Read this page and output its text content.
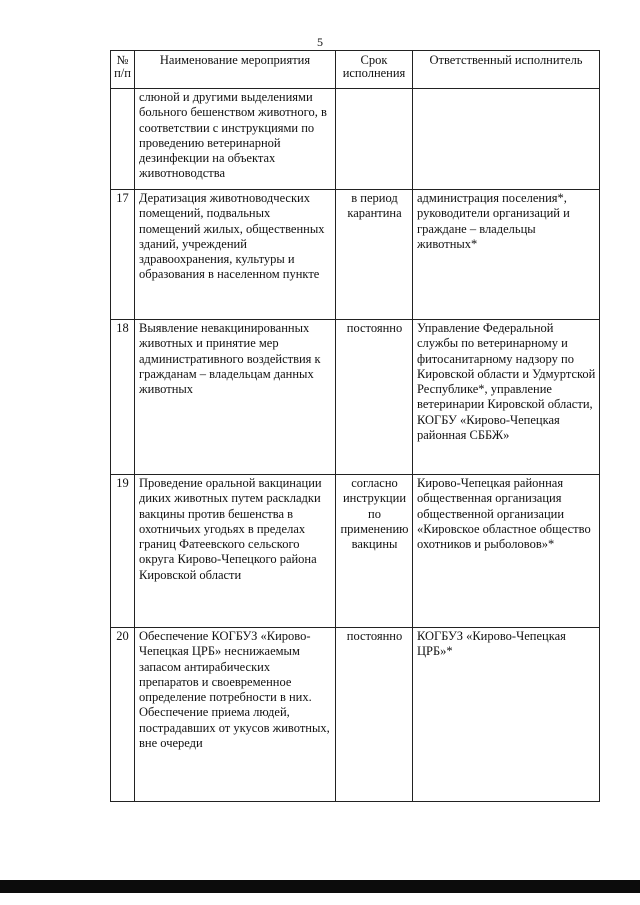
5
№ п/п	Наименование мероприятия	Срок исполнения	Ответственный исполнитель
	слюной и другими выделениями больного бешенством животного, в соответствии с инструкциями по проведению ветеринарной дезинфекции на объектах животноводства		
17	Дератизация животноводческих помещений, подвальных помещений жилых, общественных зданий, учреждений здравоохранения, культуры и образования в населенном пункте	в период карантина	администрация поселения*, руководители организаций и граждане – владельцы животных*
18	Выявление невакцинированных животных и принятие мер административного воздействия к гражданам – владельцам данных животных	постоянно	Управление Федеральной службы по ветеринарному и фитосанитарному надзору по Кировской области и Удмуртской Республике*, управление ветеринарии Кировской области, КОГБУ «Кирово-Чепецкая районная СББЖ»
19	Проведение оральной вакцинации диких животных путем раскладки вакцины против бешенства в охотничьих угодьях в пределах границ Фатеевского сельского округа Кирово-Чепецкого района Кировской области	согласно инструкции по применению вакцины	Кирово-Чепецкая районная общественная организация общественной организации «Кировское областное общество охотников и рыболовов»*
20	Обеспечение КОГБУЗ «Кирово-Чепецкая ЦРБ» неснижаемым запасом антирабических препаратов и своевременное определение потребности в них. Обеспечение приема людей, пострадавших от укусов животных, вне очереди	постоянно	КОГБУЗ «Кирово-Чепецкая ЦРБ»*
